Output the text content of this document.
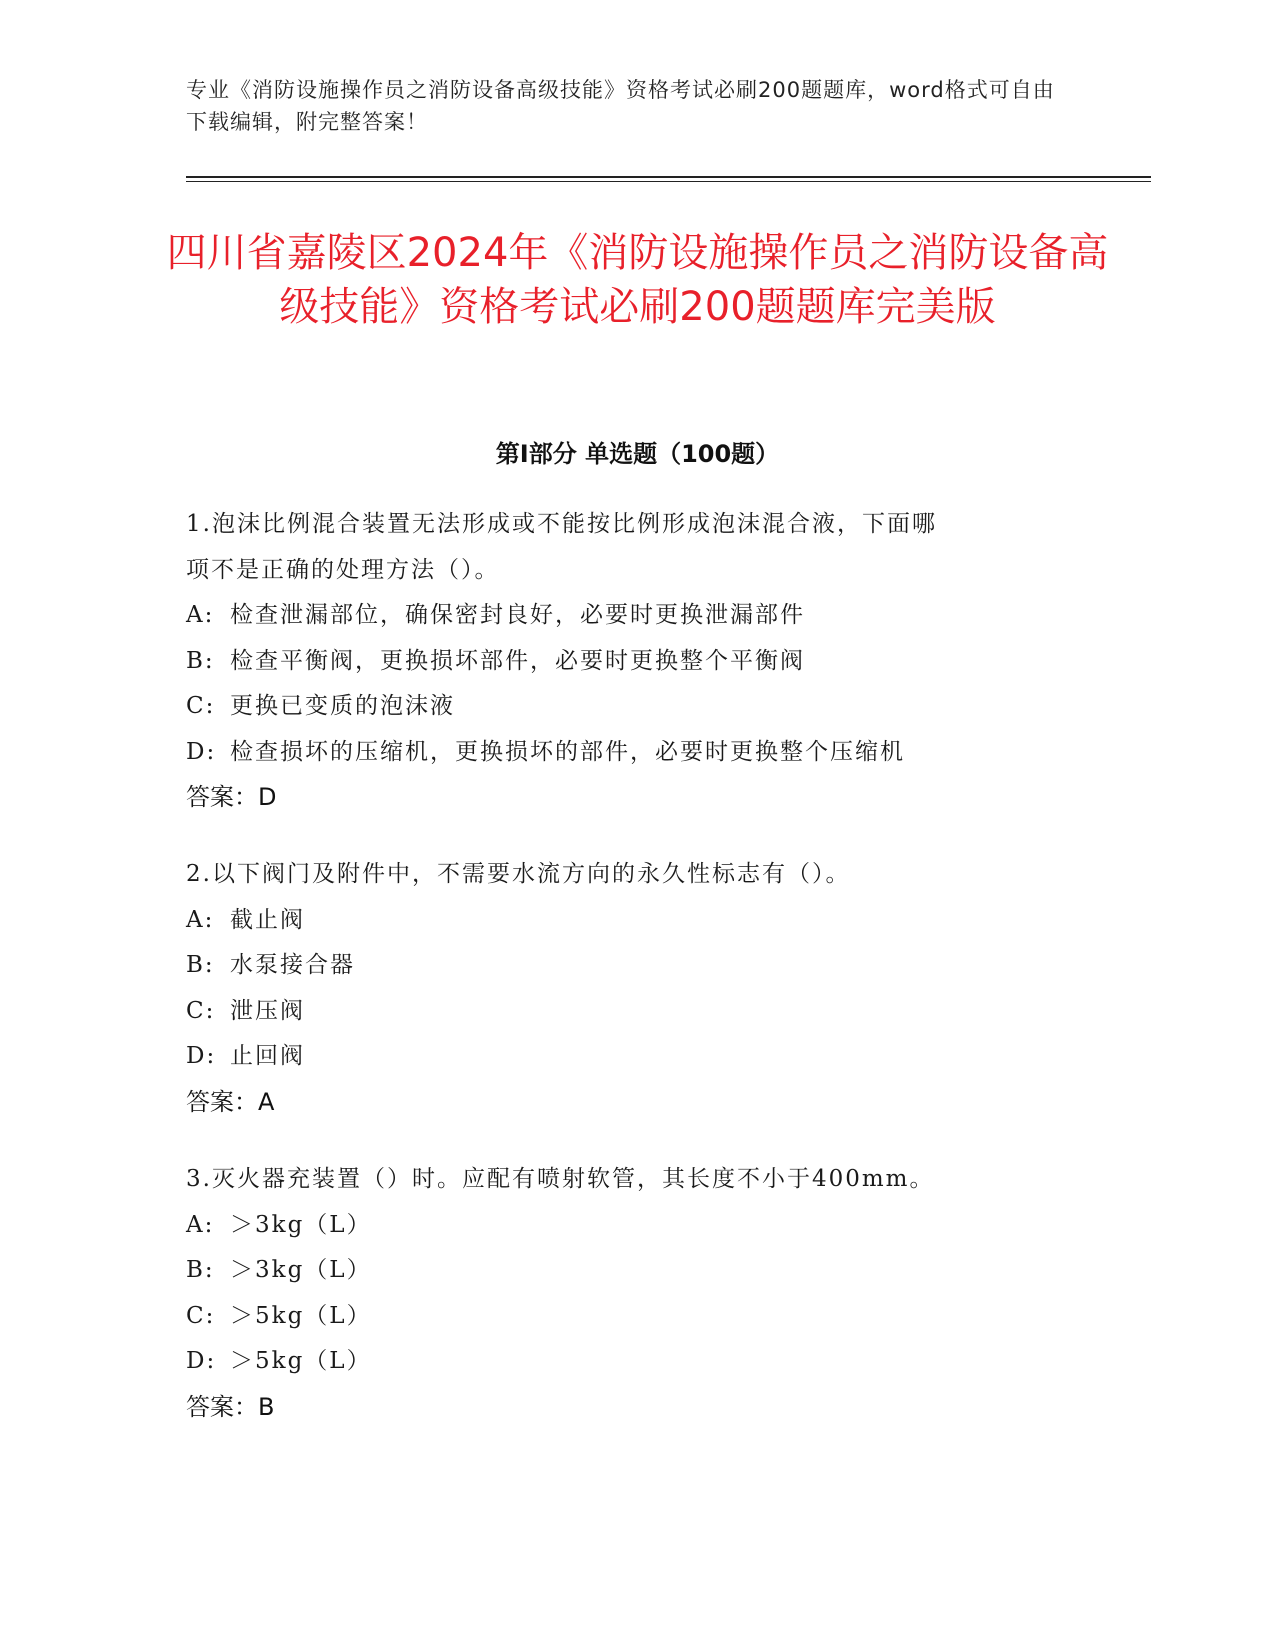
专业《消防设施操作员之消防设备高级技能》资格考试必刷200题题库，word格式可自由下载编辑，附完整答案！
四川省嘉陵区2024年《消防设施操作员之消防设备高级技能》资格考试必刷200题题库完美版
第Ⅰ部分 单选题（100题）
1.泡沫比例混合装置无法形成或不能按比例形成泡沫混合液，下面哪
项不是正确的处理方法（）。
A: 检查泄漏部位，确保密封良好，必要时更换泄漏部件
B: 检查平衡阀，更换损坏部件，必要时更换整个平衡阀
C: 更换已变质的泡沫液
D: 检查损坏的压缩机，更换损坏的部件，必要时更换整个压缩机
答案：D
2.以下阀门及附件中，不需要水流方向的永久性标志有（）。
A: 截止阀
B: 水泵接合器
C: 泄压阀
D: 止回阀
答案：A
3.灭火器充装置（）时。应配有喷射软管，其长度不小于400mm。
A: ＞3kg（L）
B: ＞3kg（L）
C: ＞5kg（L）
D: ＞5kg（L）
答案：B
